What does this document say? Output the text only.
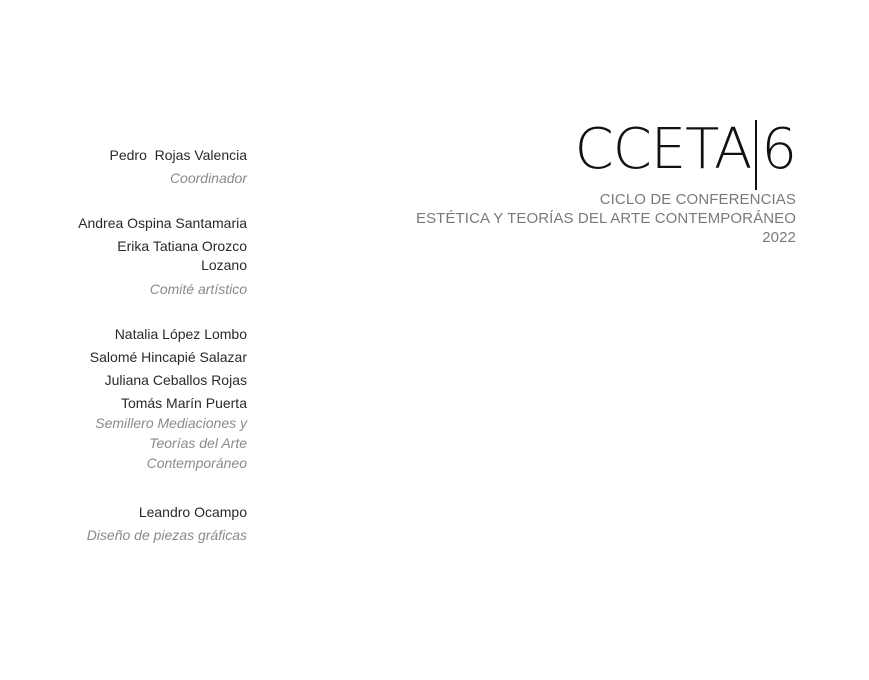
Pedro  Rojas Valencia

Coordinador

Andrea Ospina Santamaria

Erika Tatiana Orozco

Lozano

Comité artístico

Natalia López Lombo

Salomé Hincapié Salazar

Juliana Ceballos Rojas

Tomás Marín Puerta

Semillero Mediaciones y

Teorías del Arte

Contemporáneo

Leandro Ocampo

Diseño de piezas gráficas

CCETA 6

CICLO DE CONFERENCIAS

ESTÉTICA Y TEORÍAS DEL ARTE CONTEMPORÁNEO

2022
